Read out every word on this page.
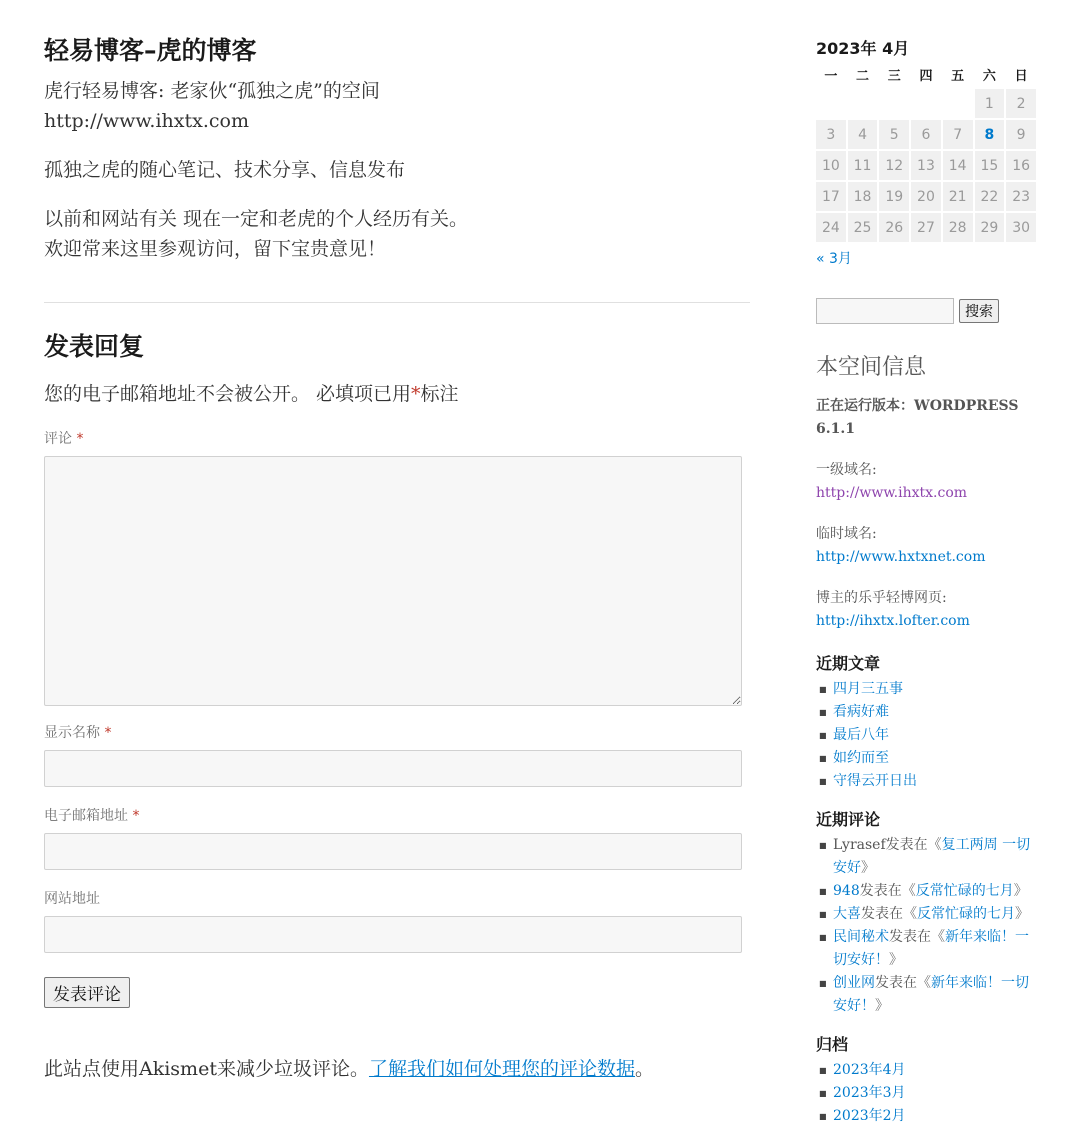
轻易博客–虎的博客

虎行轻易博客: 老家伙“孤独之虎”的空间
http://www.ihxtx.com

孤独之虎的随心笔记、技术分享、信息发布

以前和网站有关 现在一定和老虎的个人经历有关。
欢迎常来这里参观访问，留下宝贵意见！

发表回复
您的电子邮箱地址不会被公开。 必填项已用*标注
评论 *
显示名称 *
电子邮箱地址 *
网站地址
发表评论
此站点使用Akismet来减少垃圾评论。了解我们如何处理您的评论数据。
2023年 4月
一	二	三	四	五	六	日
					1	2
3	4	5	6	7	8	9
10	11	12	13	14	15	16
17	18	19	20	21	22	23
24	25	26	27	28	29	30
« 3月
搜索
本空间信息

正在运行版本：WORDPRESS 6.1.1

一级域名:
http://www.ihxtx.com

临时域名:
http://www.hxtxnet.com

博主的乐乎轻博网页:
http://ihxtx.lofter.com

近期文章
■ 四月三五事
■ 看病好难
■ 最后八年
■ 如约而至
■ 守得云开日出
近期评论
■ Lyrasef发表在《复工两周 一切安好》
■ 948发表在《反常忙碌的七月》
■ 大喜发表在《反常忙碌的七月》
■ 民间秘术发表在《新年来临！一切安好！》
■ 创业网发表在《新年来临！一切安好！》
归档
■ 2023年4月
■ 2023年3月
■ 2023年2月
